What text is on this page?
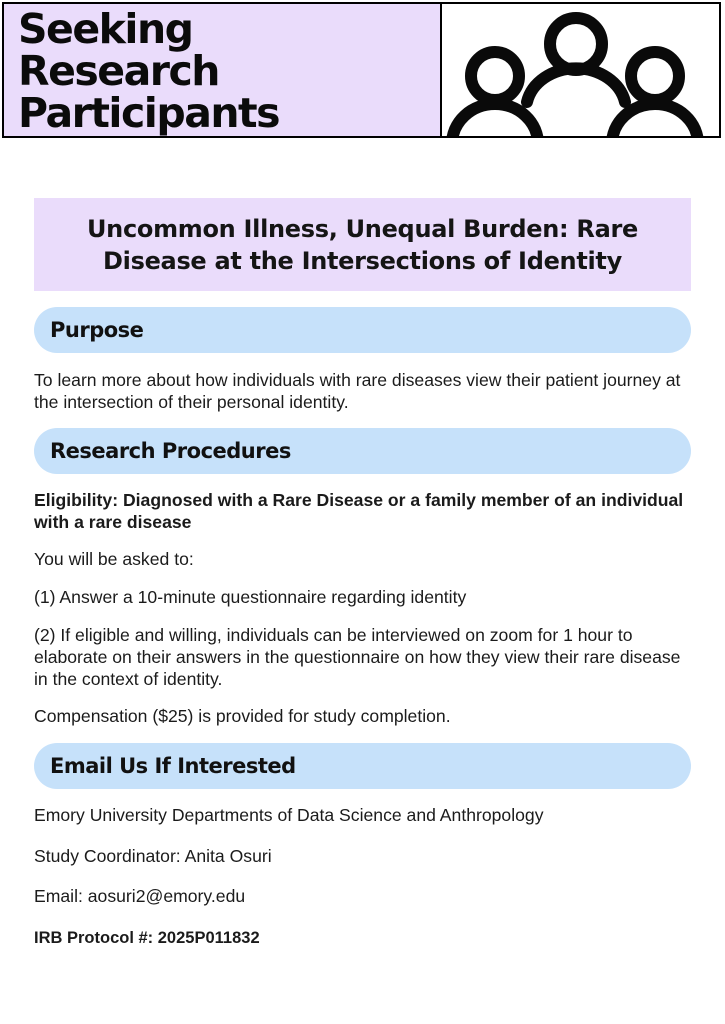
Seeking
Research
Participants
Uncommon Illness, Unequal Burden: Rare Disease at the Intersections of Identity
Purpose

To learn more about how individuals with rare diseases view their patient journey at the intersection of their personal identity.

Research Procedures

Eligibility: Diagnosed with a Rare Disease or a family member of an individual with a rare disease

You will be asked to:

(1) Answer a 10-minute questionnaire regarding identity

(2) If eligible and willing, individuals can be interviewed on zoom for 1 hour to elaborate on their answers in the questionnaire on how they view their rare disease in the context of identity.

Compensation ($25) is provided for study completion.

Email Us If Interested

Emory University Departments of Data Science and Anthropology

Study Coordinator: Anita Osuri

Email: aosuri2@emory.edu

IRB Protocol #: 2025P011832
